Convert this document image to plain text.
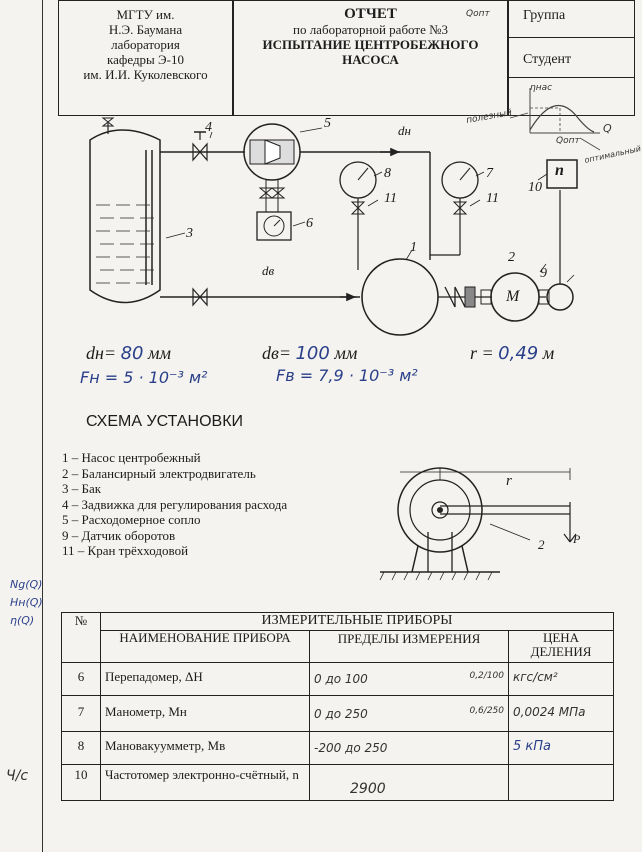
МГТУ им.
Н.Э. Баумана
лаборатория
кафедры Э-10
им. И.И. Куколевского
ОТЧЕТ
по лабораторной работе №3
ИСПЫТАНИЕ ЦЕНТРОБЕЖНОГО
НАСОСА
Группа
Студент
Qопт
ηнас
полезный
Q
Qопт
оптимальный
4	5	dн
3
6
8
11
7
11
10
n
1
dв
2
M
9
dн= 80 мм	dв= 100 мм	r = 0,49 м
Fн = 5 · 10⁻³ м²	Fв = 7,9 · 10⁻³ м²
СХЕМА УСТАНОВКИ
1 – Насос центробежный
2 – Балансирный электродвигатель
3 – Бак
4 – Задвижка для регулирования расхода
5 – Расходомерное сопло
9 – Датчик оборотов
11 – Кран трёхходовой
r
2 P
Ng(Q)
Hн(Q)
η(Q)
Ч/с
№	ИЗМЕРИТЕЛЬНЫЕ ПРИБОРЫ		
	НАИМЕНОВАНИЕ ПРИБОРА	ПРЕДЕЛЫ ИЗМЕРЕНИЯ	ЦЕНА ДЕЛЕНИЯ
6	Перепадомер, ΔН	0 до 100 0,2/100	кгс/см²
7	Манометр, Мн	0 до 250 0,6/250	0,0024 МПа
8	Мановакуумметр, Мв	-200 до 250	5 кПа
10	Частотомер электронно-счётный, n	2900	
